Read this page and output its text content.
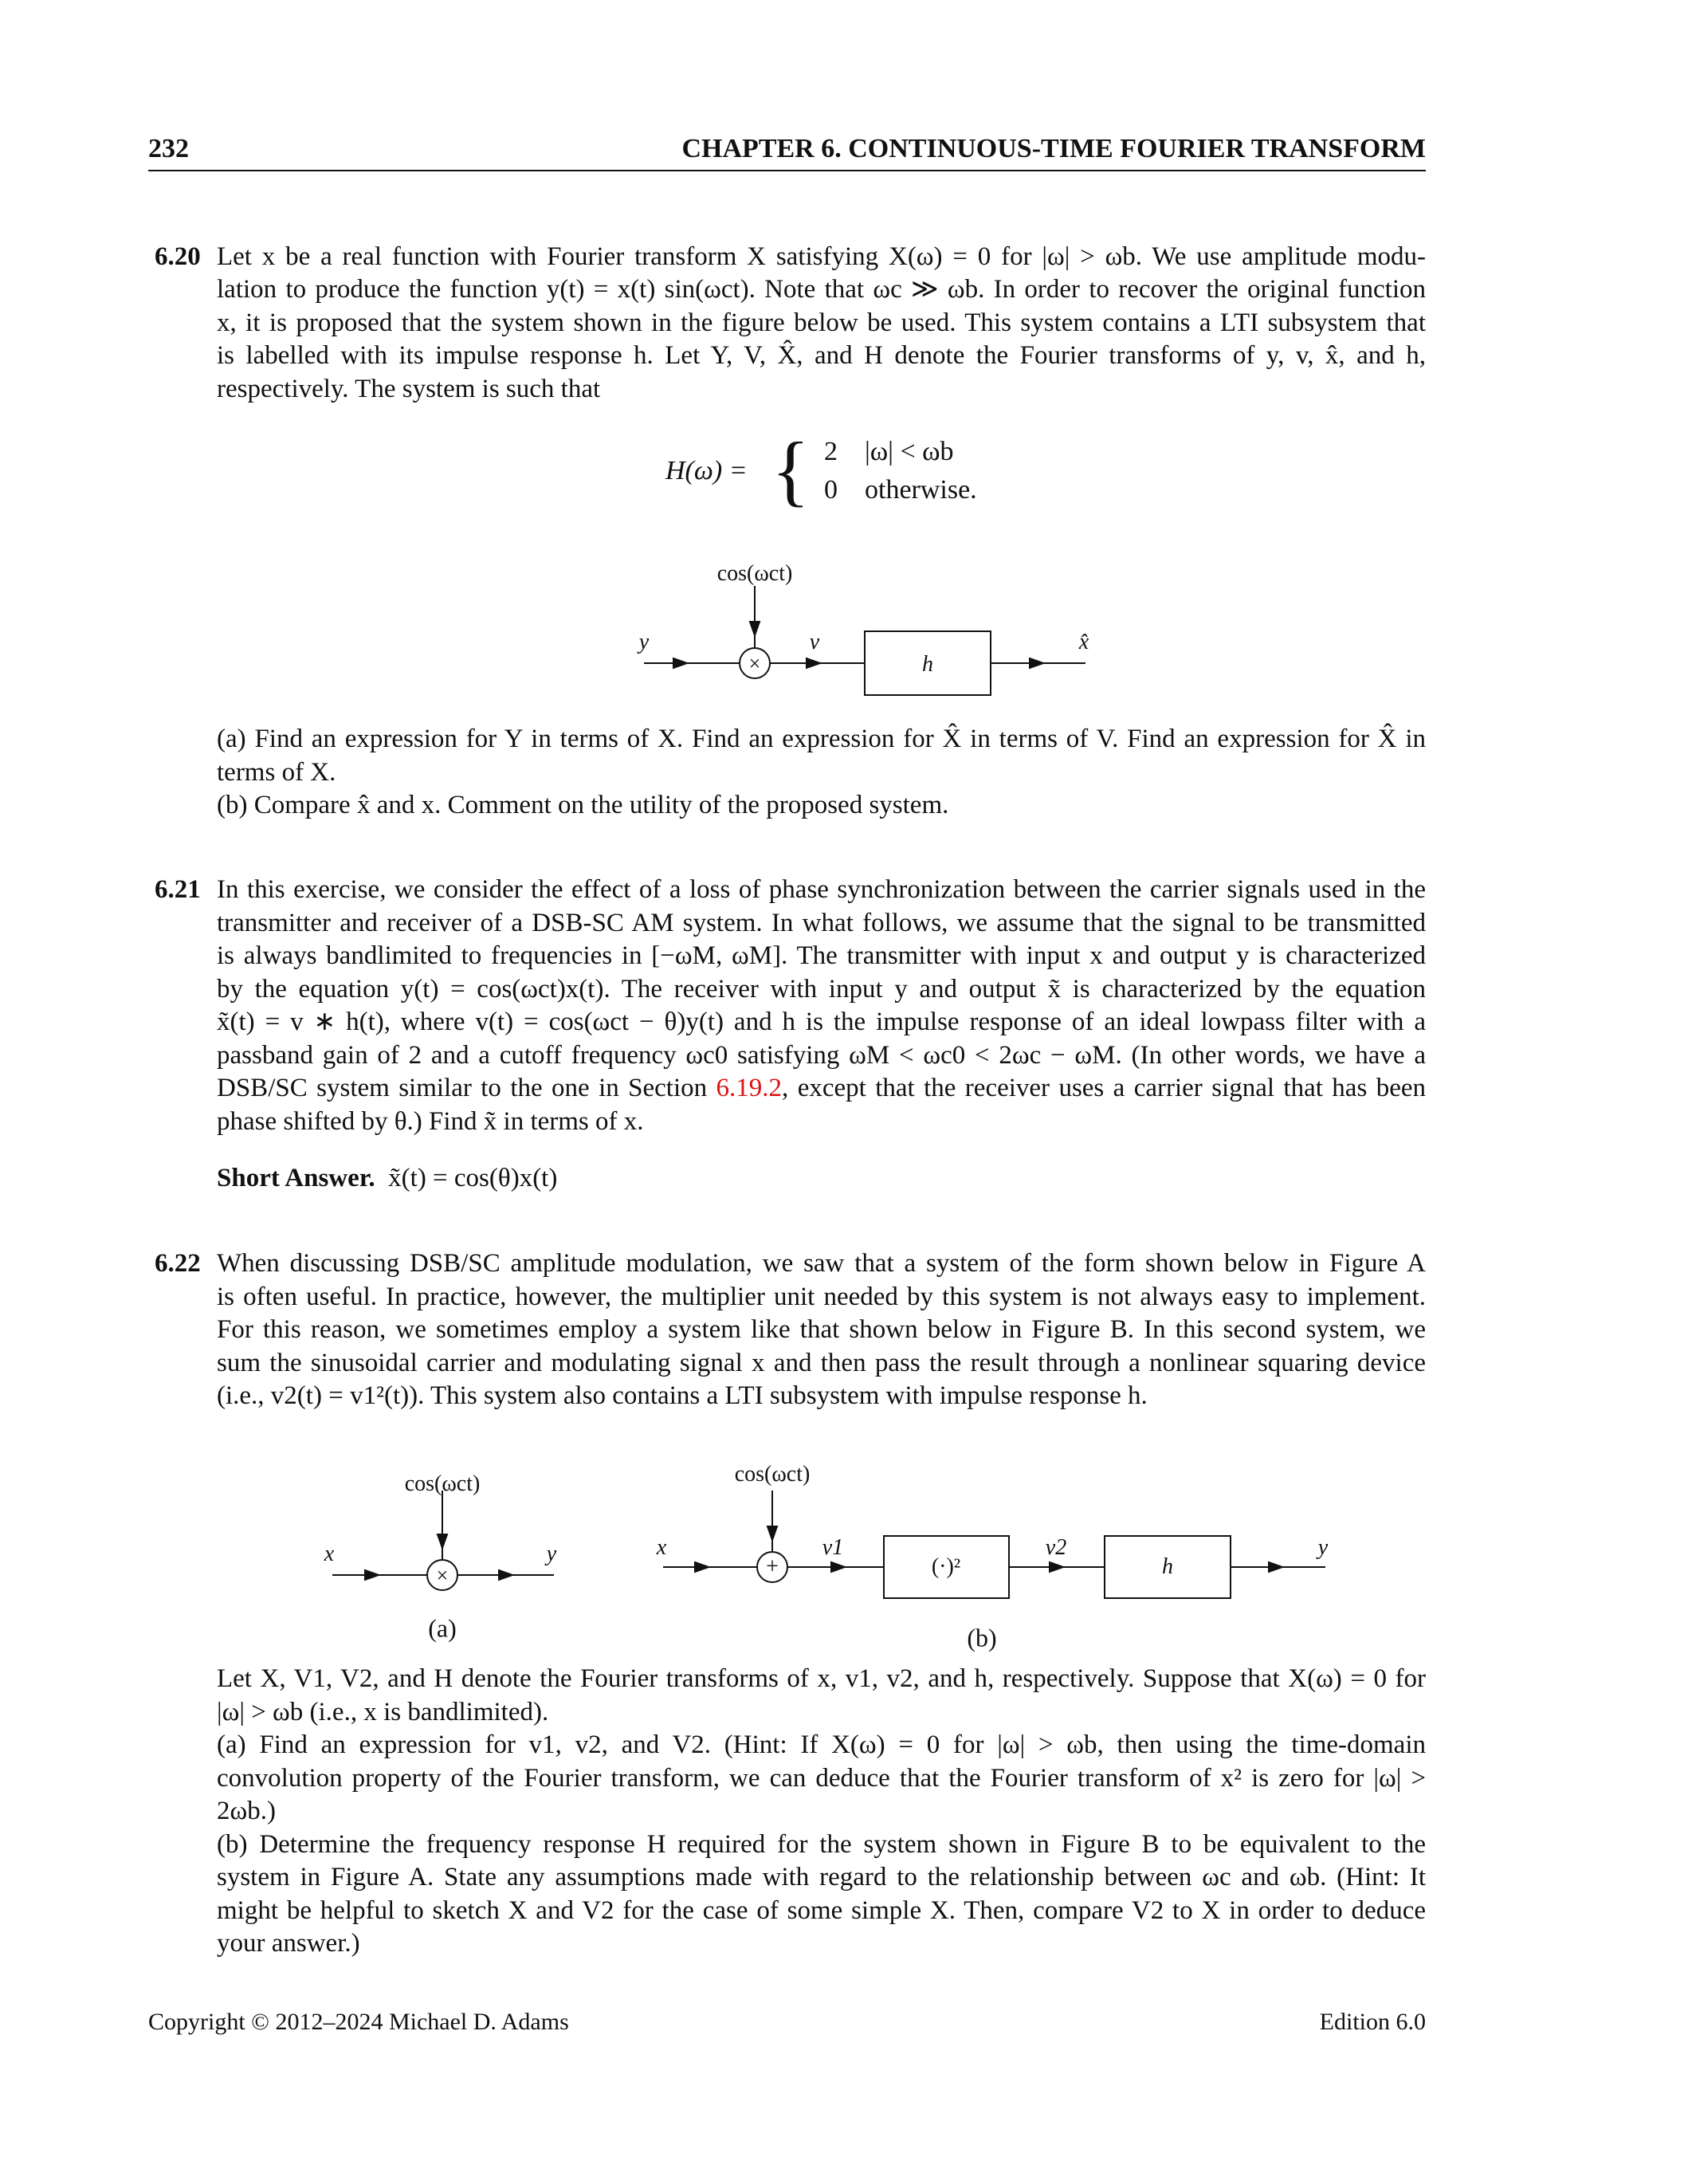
232	CHAPTER 6. CONTINUOUS-TIME FOURIER TRANSFORM
6.20 Let x be a real function with Fourier transform X satisfying X(ω) = 0 for |ω| > ωb. We use amplitude modu-
lation to produce the function y(t) = x(t) sin(ωct). Note that ωc ≫ ωb. In order to recover the original function
x, it is proposed that the system shown in the figure below be used. This system contains a LTI subsystem that
is labelled with its impulse response h. Let Y, V, X̂, and H denote the Fourier transforms of y, v, x̂, and h,
respectively. The system is such that
H(ω) = { 2 |ω| < ωb
0 otherwise.
cos(ωct)
y
×
v
h
x̂
(a) Find an expression for Y in terms of X. Find an expression for X̂ in terms of V. Find an expression for X̂ in
terms of X.
(b) Compare x̂ and x. Comment on the utility of the proposed system.
6.21 In this exercise, we consider the effect of a loss of phase synchronization between the carrier signals used in the
transmitter and receiver of a DSB-SC AM system. In what follows, we assume that the signal to be transmitted
is always bandlimited to frequencies in [−ωM, ωM]. The transmitter with input x and output y is characterized
by the equation y(t) = cos(ωct)x(t). The receiver with input y and output x̃ is characterized by the equation
x̃(t) = v ∗ h(t), where v(t) = cos(ωct − θ)y(t) and h is the impulse response of an ideal lowpass filter with a
passband gain of 2 and a cutoff frequency ωc0 satisfying ωM < ωc0 < 2ωc − ωM. (In other words, we have a
DSB/SC system similar to the one in Section 6.19.2, except that the receiver uses a carrier signal that has been
phase shifted by θ.) Find x̃ in terms of x.
Short Answer. x̃(t) = cos(θ)x(t)
6.22 When discussing DSB/SC amplitude modulation, we saw that a system of the form shown below in Figure A
is often useful. In practice, however, the multiplier unit needed by this system is not always easy to implement.
For this reason, we sometimes employ a system like that shown below in Figure B. In this second system, we
sum the sinusoidal carrier and modulating signal x and then pass the result through a nonlinear squaring device
(i.e., v2(t) = v1²(t)). This system also contains a LTI subsystem with impulse response h.
cos(ωct)
x
×
y
(a)
cos(ωct)
x
+
v1
(·)²
v2
h
y
(b)
Let X, V1, V2, and H denote the Fourier transforms of x, v1, v2, and h, respectively. Suppose that X(ω) = 0 for
|ω| > ωb (i.e., x is bandlimited).
(a) Find an expression for v1, v2, and V2. (Hint: If X(ω) = 0 for |ω| > ωb, then using the time-domain
convolution property of the Fourier transform, we can deduce that the Fourier transform of x² is zero for |ω| >
2ωb.)
(b) Determine the frequency response H required for the system shown in Figure B to be equivalent to the
system in Figure A. State any assumptions made with regard to the relationship between ωc and ωb. (Hint: It
might be helpful to sketch X and V2 for the case of some simple X. Then, compare V2 to X in order to deduce
your answer.)
Copyright © 2012–2024 Michael D. Adams	Edition 6.0
